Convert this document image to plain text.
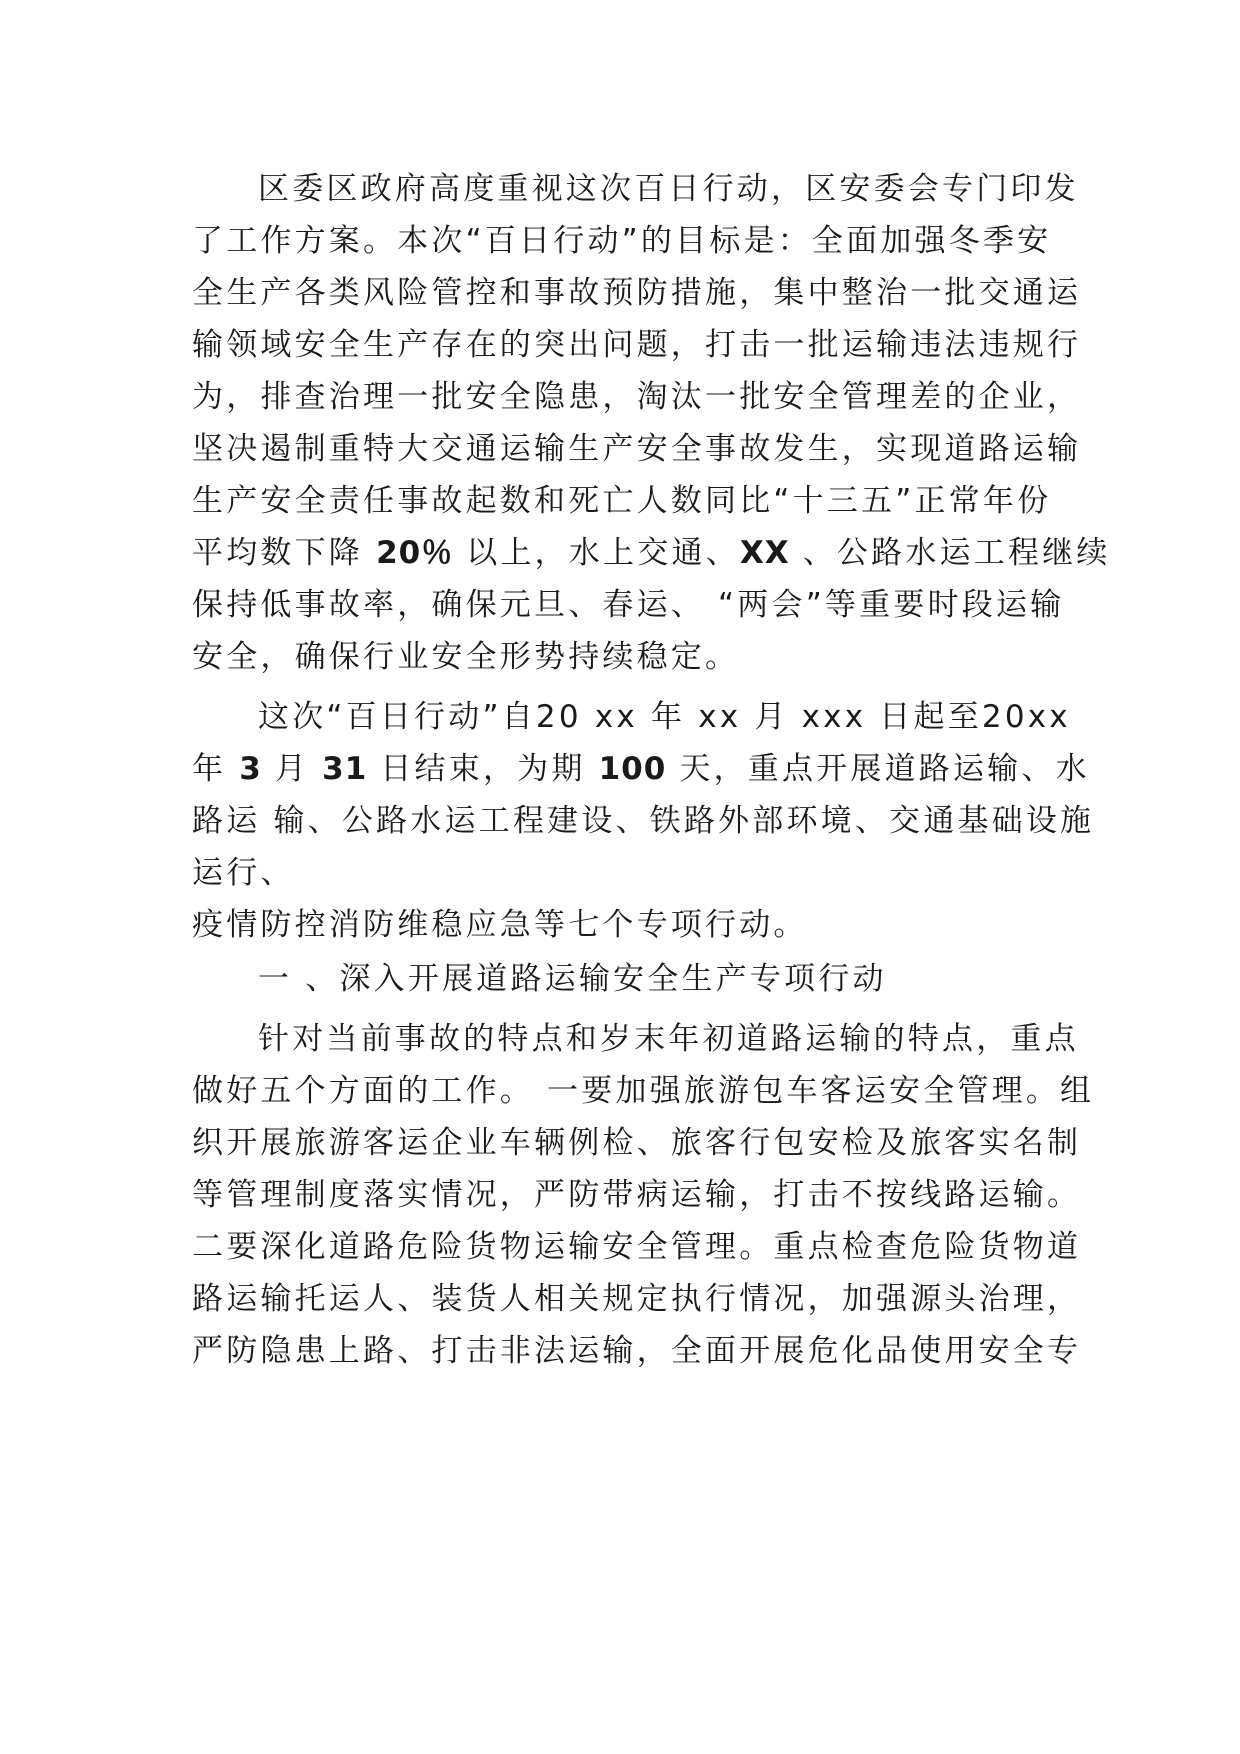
区委区政府高度重视这次百日行动，区安委会专门印发
了工作方案。本次“百日行动”的目标是：全面加强冬季安
全生产各类风险管控和事故预防措施，集中整治一批交通运
输领域安全生产存在的突出问题，打击一批运输违法违规行
为，排查治理一批安全隐患，淘汰一批安全管理差的企业，
坚决遏制重特大交通运输生产安全事故发生，实现道路运输
生产安全责任事故起数和死亡人数同比“十三五”正常年份
平均数下降 20％ 以上，水上交通、XX 、公路水运工程继续
保持低事故率，确保元旦、春运、 “两会”等重要时段运输
安全，确保行业安全形势持续稳定。
这次“百日行动”自20 xx 年 xx 月 xxx 日起至20xx
年 3 月 31 日结束，为期 100 天，重点开展道路运输、水
路运 输、公路水运工程建设、铁路外部环境、交通基础设施
运行、
疫情防控消防维稳应急等七个专项行动。
一 、深入开展道路运输安全生产专项行动
针对当前事故的特点和岁末年初道路运输的特点，重点
做好五个方面的工作。 一要加强旅游包车客运安全管理。组
织开展旅游客运企业车辆例检、旅客行包安检及旅客实名制
等管理制度落实情况，严防带病运输，打击不按线路运输。
二要深化道路危险货物运输安全管理。重点检查危险货物道
路运输托运人、装货人相关规定执行情况，加强源头治理，
严防隐患上路、打击非法运输，全面开展危化品使用安全专
